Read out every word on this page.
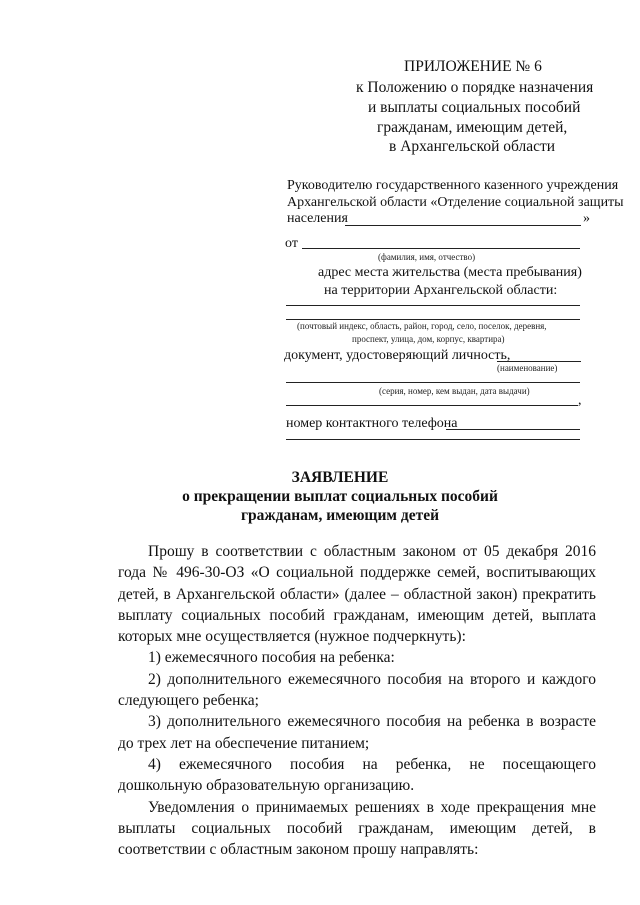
ПРИЛОЖЕНИЕ № 6
к Положению о порядке назначения
и выплаты социальных пособий
гражданам, имеющим детей,
в Архангельской области
Руководителю государственного казенного учреждения
Архангельской области «Отделение социальной защиты
населения	»
от
(фамилия, имя, отчество)
адрес места жительства (места пребывания)
на территории Архангельской области:
(почтовый индекс, область, район, город, село, поселок, деревня,
проспект, улица, дом, корпус, квартира)
документ, удостоверяющий личность,
(наименование)
(серия, номер, кем выдан, дата выдачи)
,
номер контактного телефона
ЗАЯВЛЕНИЕ
о прекращении выплат социальных пособий
гражданам, имеющим детей

Прошу в соответствии с областным законом от 05 декабря 2016 года № 496-30-ОЗ «О социальной поддержке семей, воспитывающих детей, в Архангельской области» (далее – областной закон) прекратить выплату социальных пособий гражданам, имеющим детей, выплата которых мне осуществляется (нужное подчеркнуть):

1) ежемесячного пособия на ребенка:

2) дополнительного ежемесячного пособия на второго и каждого следующего ребенка;

3) дополнительного ежемесячного пособия на ребенка в возрасте до трех лет на обеспечение питанием;

4) ежемесячного пособия на ребенка, не посещающего дошкольную образовательную организацию.

Уведомления о принимаемых решениях в ходе прекращения мне выплаты социальных пособий гражданам, имеющим детей, в соответствии с областным законом прошу направлять:
